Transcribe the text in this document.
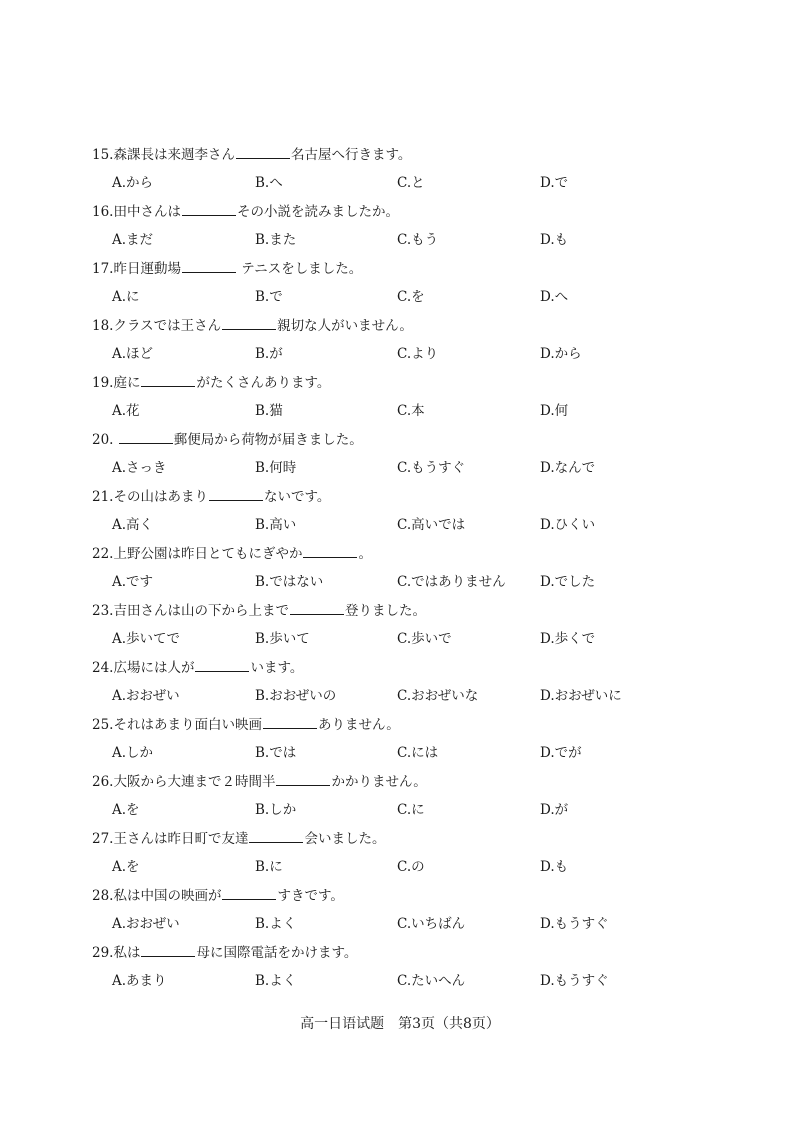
15.森課長は来週李さん	名古屋へ行きます。
A.から	B.へ	C.と	D.で
16.田中さんは	その小説を読みましたか。
A.まだ	B.また	C.もう	D.も
17.昨日運動場	テニスをしました。
A.に	B.で	C.を	D.へ
18.クラスでは王さん	親切な人がいません。
A.ほど	B.が	C.より	D.から
19.庭に	がたくさんあります。
A.花	B.猫	C.本	D.何
20.	郵便局から荷物が届きました。
A.さっき	B.何時	C.もうすぐ	D.なんで
21.その山はあまり	ないです。
A.高く	B.高い	C.高いでは	D.ひくい
22.上野公園は昨日とてもにぎやか	。
A.です	B.ではない	C.ではありません	D.でした
23.吉田さんは山の下から上まで	登りました。
A.歩いてで	B.歩いて	C.歩いで	D.歩くで
24.広場には人が	います。
A.おおぜい	B.おおぜいの	C.おおぜいな	D.おおぜいに
25.それはあまり面白い映画	ありません。
A.しか	B.では	C.には	D.でが
26.大阪から大連まで２時間半	かかりません。
A.を	B.しか	C.に	D.が
27.王さんは昨日町で友達	会いました。
A.を	B.に	C.の	D.も
28.私は中国の映画が	すきです。
A.おおぜい	B.よく	C.いちばん	D.もうすぐ
29.私は	母に国際電話をかけます。
A.あまり	B.よく	C.たいへん	D.もうすぐ
高一日语试题　第3页（共8页）
